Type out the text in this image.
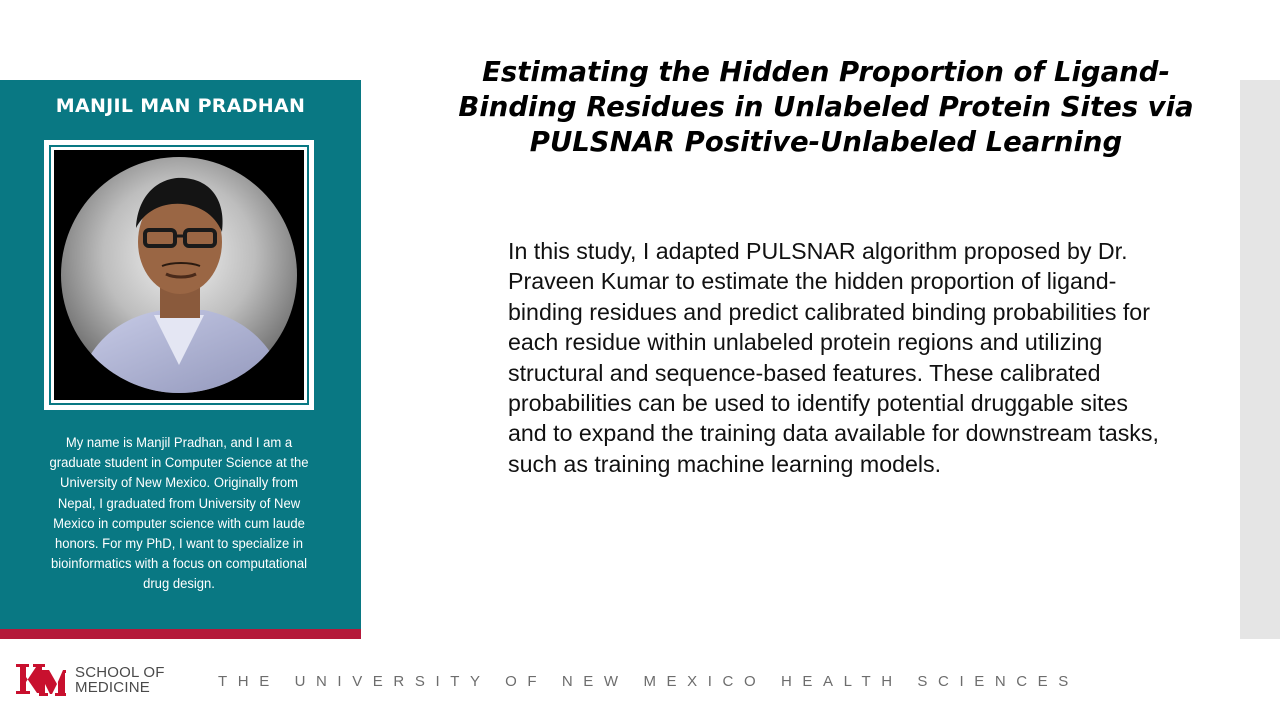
MANJIL MAN PRADHAN
My name is Manjil Pradhan, and I am a graduate student in Computer Science at the University of New Mexico. Originally from Nepal, I graduated from University of New Mexico in computer science with cum laude honors. For my PhD, I want to specialize in bioinformatics with a focus on computational drug design.
Estimating the Hidden Proportion of Ligand-Binding Residues in Unlabeled Protein Sites via PULSNAR Positive-Unlabeled Learning
In this study, I adapted PULSNAR algorithm proposed by Dr. Praveen Kumar to estimate the hidden proportion of ligand-binding residues and predict calibrated binding probabilities for each residue within unlabeled protein regions and utilizing structural and sequence-based features. These calibrated probabilities can be used to identify potential druggable sites and to expand the training data available for downstream tasks, such as training machine learning models.
SCHOOL OF
MEDICINE	THE UNIVERSITY OF NEW MEXICO HEALTH SCIENCES
